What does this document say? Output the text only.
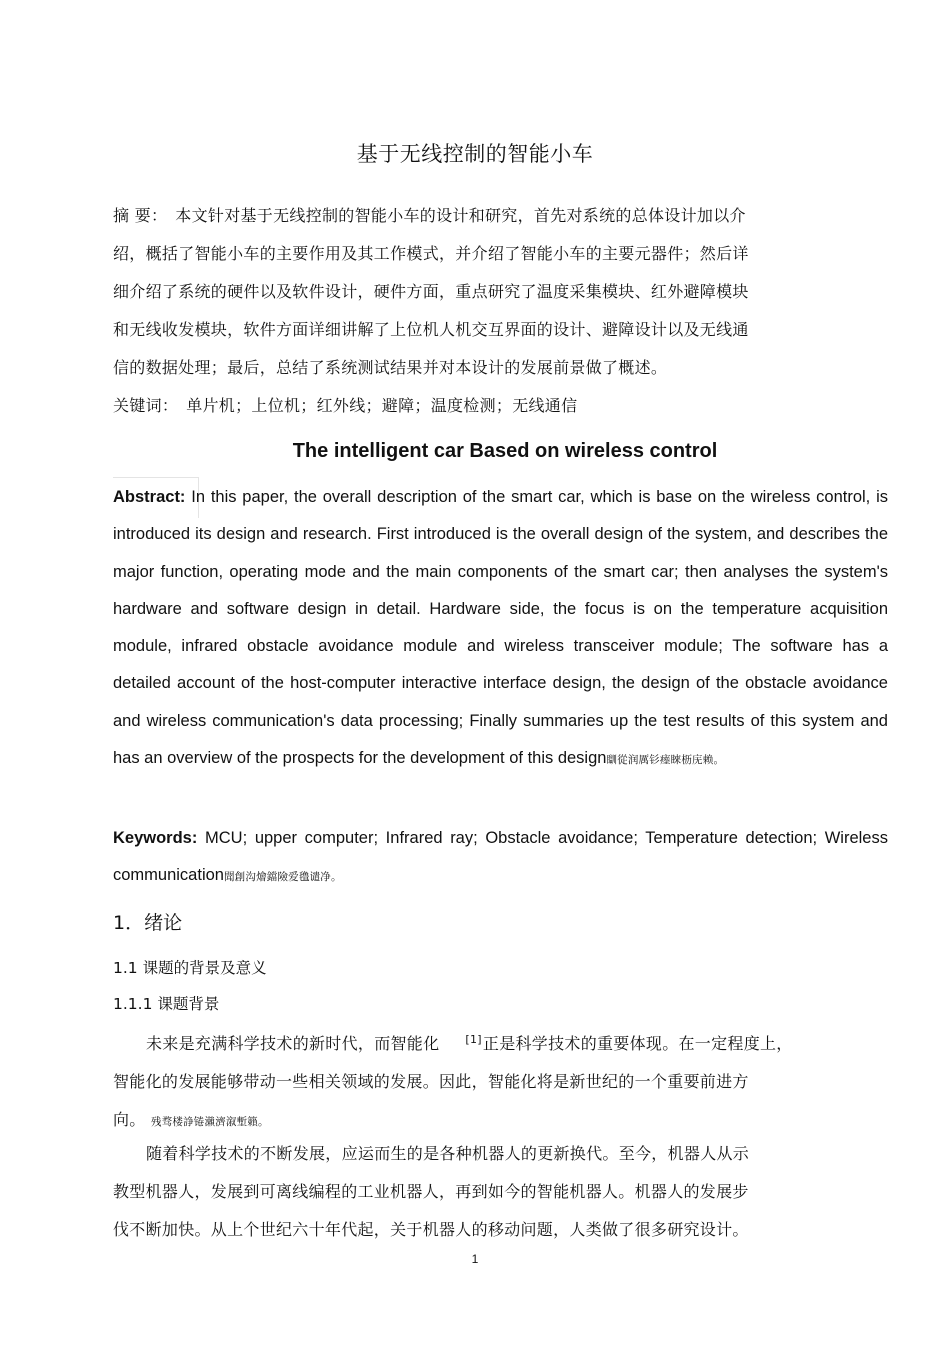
基于无线控制的智能小车
摘 要： 本文针对基于无线控制的智能小车的设计和研究，首先对系统的总体设计加以介
绍，概括了智能小车的主要作用及其工作模式，并介绍了智能小车的主要元器件；然后详
细介绍了系统的硬件以及软件设计，硬件方面，重点研究了温度采集模块、红外避障模块
和无线收发模块，软件方面详细讲解了上位机人机交互界面的设计、避障设计以及无线通
信的数据处理；最后，总结了系统测试结果并对本设计的发展前景做了概述。
关键词： 单片机；上位机；红外线；避障；温度检测；无线通信
The intelligent car Based on wireless control
Abstract: In this paper, the overall description of the smart car, which is base on the wireless control, is introduced its design and research. First introduced is the overall design of the system, and describes the major function, operating mode and the main components of the smart car; then analyses the system's hardware and software design in detail. Hardware side, the focus is on the temperature acquisition module, infrared obstacle avoidance module and wireless transceiver module; The software has a detailed account of the host-computer interactive interface design, the design of the obstacle avoidance and wireless communication's data processing; Finally summaries up the test results of this system and has an overview of the prospects for the development of this design瞓從润厲钐瘗睞枥庑赖。
Keywords: MCU; upper computer; Infrared ray; Obstacle avoidance; Temperature detection; Wireless communication聞創沟燴鐺險爱氇谴净。
1．绪论
1.1 课题的背景及意义
1.1.1 课题背景
未来是充满科学技术的新时代，而智能化 [1]正是科学技术的重要体现。在一定程度上，
智能化的发展能够带动一些相关领域的发展。因此，智能化将是新世纪的一个重要前进方
向。 残骛楼諍锩瀨濟溆塹籟。
随着科学技术的不断发展，应运而生的是各种机器人的更新换代。至今，机器人从示
教型机器人，发展到可离线编程的工业机器人，再到如今的智能机器人。机器人的发展步
伐不断加快。从上个世纪六十年代起，关于机器人的移动问题，人类做了很多研究设计。
1
